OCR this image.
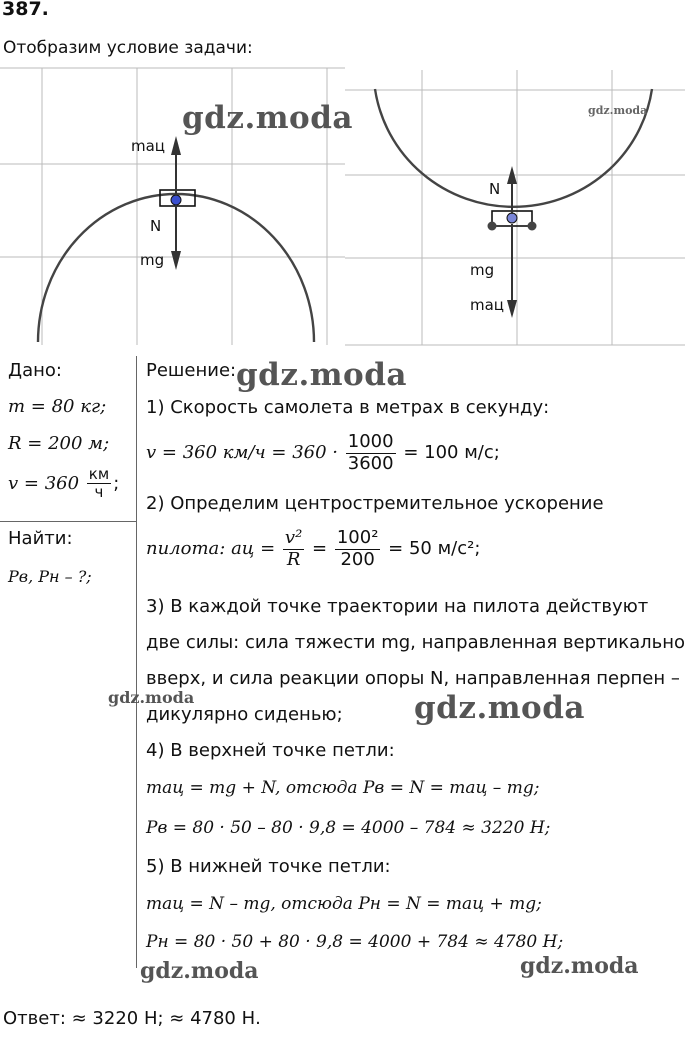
387.
Отобразим условие задачи:
maц
N
mg
N
mg
maц
Дано:
m = 80 кг;
R = 200 м;
$v = 360 \frac{км}{ч}$ ;
Найти:
Pв, Pн – ?;
Решение:
1) Скорость самолета в метрах в секунду:
v = 360 $км/ч = 360 \cdot \frac{1000}{3600} = 100$ м/с;
2) Определим центростремительное ускорение
пилота: aц = $\frac{\text{v²}}{R} = \frac{\text{100²}}{200} = 50$ м/с²;
3) В каждой точке траектории на пилота действуют
две силы: сила тяжести mg, направленная вертикально
вверх, и сила реакции опоры N, направленная перпен –
дикулярно сиденью;
4) В верхней точке петли:
maц = mg + N, отсюда Pв = N = maц – mg;
Pв = 80 · 50 – 80 · 9,8 = 4000 – 784 ≈ 3220 Н;
5) В нижней точке петли:
maц = N – mg, отсюда Pн = N = maц + mg;
Pн = 80 · 50 + 80 · 9,8 = 4000 + 784 ≈ 4780 Н;
Ответ: ≈ 3220 Н; ≈ 4780 Н.
gdz.moda	gdz.moda
gdz.moda
gdz.moda	gdz.moda
gdz.moda	gdz.moda
